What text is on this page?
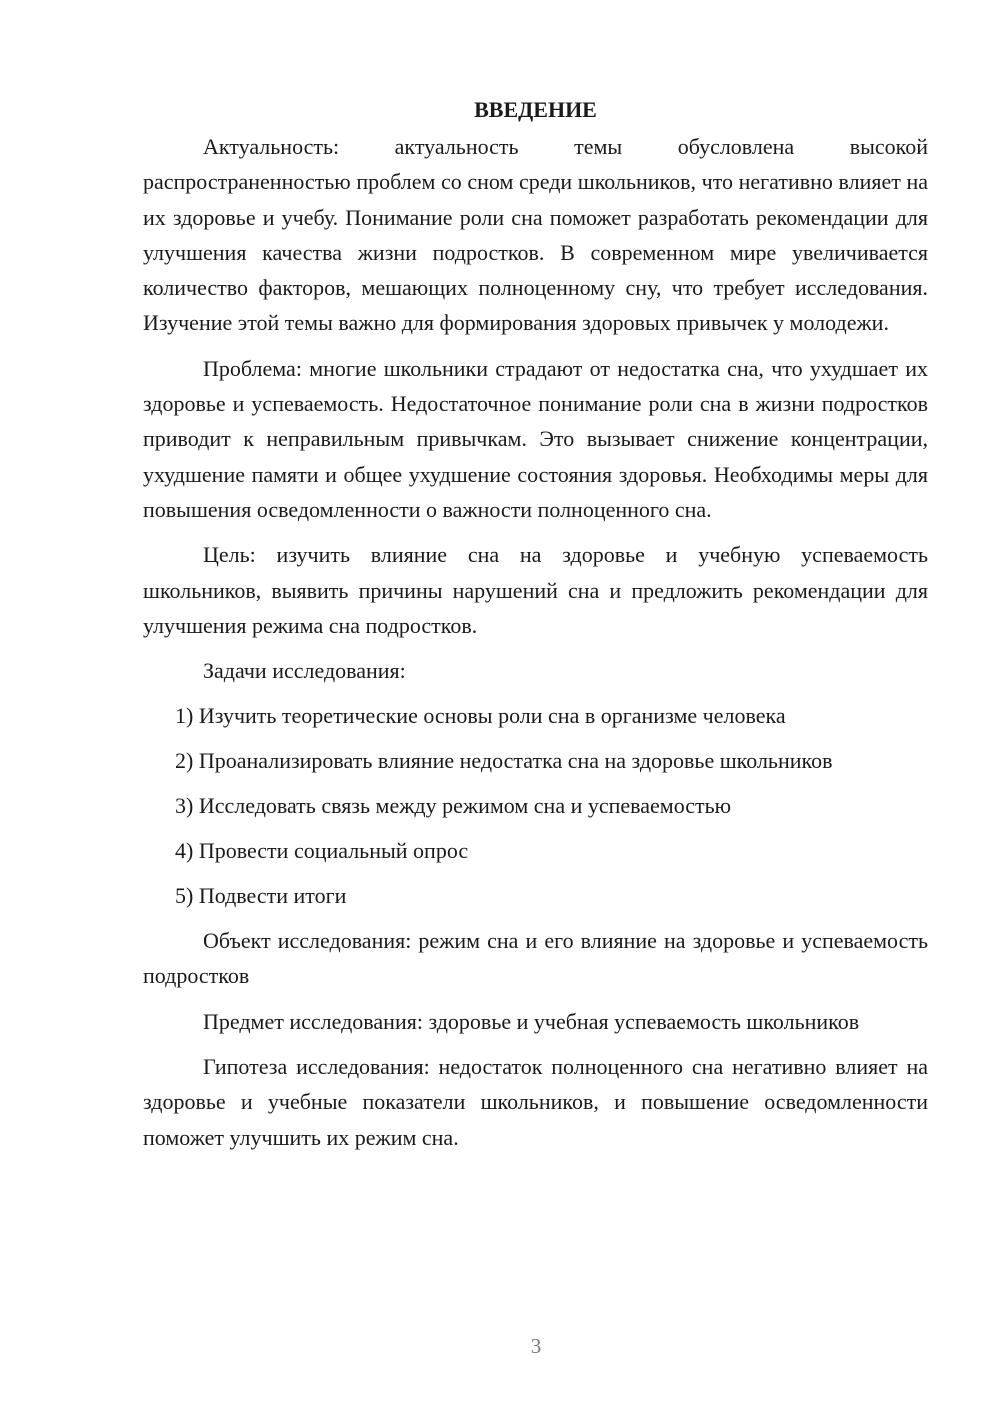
ВВЕДЕНИЕ

Актуальность: актуальность темы обусловлена высокой распространенностью проблем со сном среди школьников, что негативно влияет на их здоровье и учебу. Понимание роли сна поможет разработать рекомендации для улучшения качества жизни подростков. В современном мире увеличивается количество факторов, мешающих полноценному сну, что требует исследования. Изучение этой темы важно для формирования здоровых привычек у молодежи.

Проблема: многие школьники страдают от недостатка сна, что ухудшает их здоровье и успеваемость. Недостаточное понимание роли сна в жизни подростков приводит к неправильным привычкам. Это вызывает снижение концентрации, ухудшение памяти и общее ухудшение состояния здоровья. Необходимы меры для повышения осведомленности о важности полноценного сна.

Цель: изучить влияние сна на здоровье и учебную успеваемость школьников, выявить причины нарушений сна и предложить рекомендации для улучшения режима сна подростков.

Задачи исследования:

1) Изучить теоретические основы роли сна в организме человека
2) Проанализировать влияние недостатка сна на здоровье школьников
3) Исследовать связь между режимом сна и успеваемостью
4) Провести социальный опрос
5) Подвести итоги

Объект исследования: режим сна и его влияние на здоровье и успеваемость подростков

Предмет исследования: здоровье и учебная успеваемость школьников

Гипотеза исследования: недостаток полноценного сна негативно влияет на здоровье и учебные показатели школьников, и повышение осведомленности поможет улучшить их режим сна.

3
